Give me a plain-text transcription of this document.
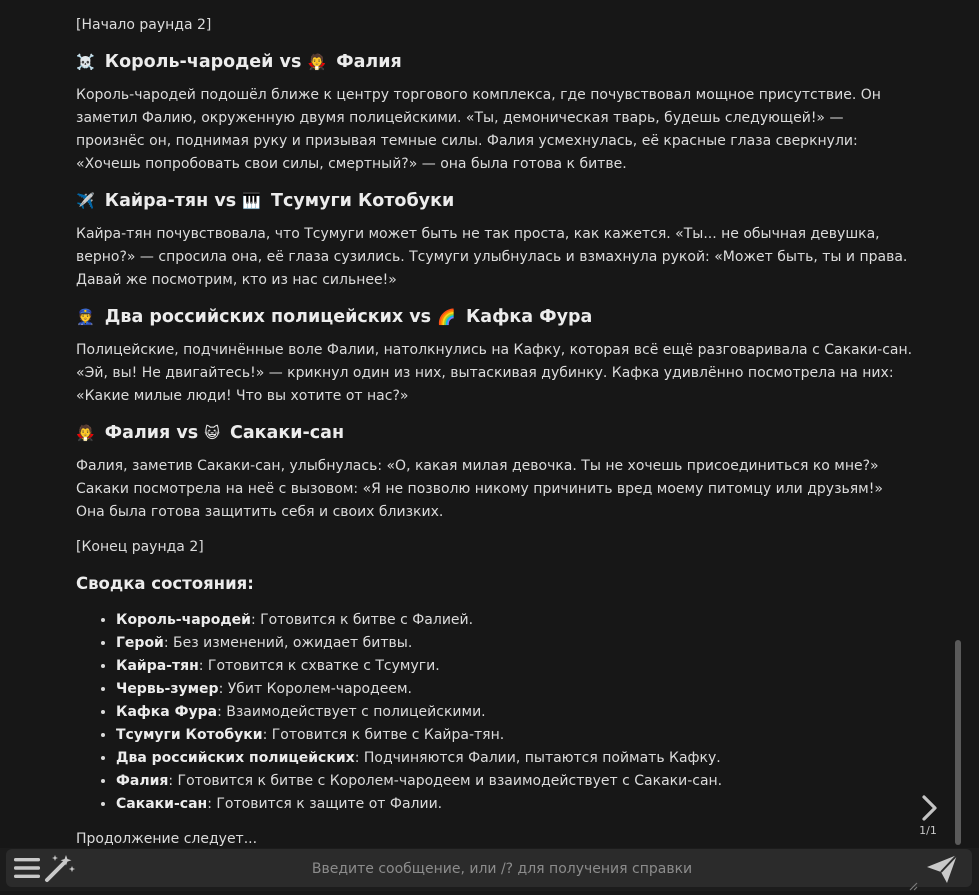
[Начало раунда 2]

☠️ Король-чародей vs 🧛 Фалия

Король-чародей подошёл ближе к центру торгового комплекса, где почувствовал мощное присутствие. Он заметил Фалию, окруженную двумя полицейскими. «Ты, демоническая тварь, будешь следующей!» — произнёс он, поднимая руку и призывая темные силы. Фалия усмехнулась, её красные глаза сверкнули: «Хочешь попробовать свои силы, смертный?» — она была готова к битве.

✈️ Кайра-тян vs 🎹 Тсумуги Котобуки

Кайра-тян почувствовала, что Тсумуги может быть не так проста, как кажется. «Ты... не обычная девушка, верно?» — спросила она, её глаза сузились. Тсумуги улыбнулась и взмахнула рукой: «Может быть, ты и права. Давай же посмотрим, кто из нас сильнее!»

👮 Два российских полицейских vs 🌈 Кафка Фура

Полицейские, подчинённые воле Фалии, натолкнулись на Кафку, которая всё ещё разговаривала с Сакаки-сан. «Эй, вы! Не двигайтесь!» — крикнул один из них, вытаскивая дубинку. Кафка удивлённо посмотрела на них: «Какие милые люди! Что вы хотите от нас?»

🧛 Фалия vs 😺 Сакаки-сан

Фалия, заметив Сакаки-сан, улыбнулась: «О, какая милая девочка. Ты не хочешь присоединиться ко мне?» Сакаки посмотрела на неё с вызовом: «Я не позволю никому причинить вред моему питомцу или друзьям!» Она была готова защитить себя и своих близких.

[Конец раунда 2]

Сводка состояния:
• Король-чародей: Готовится к битве с Фалией.
• Герой: Без изменений, ожидает битвы.
• Кайра-тян: Готовится к схватке с Тсумуги.
• Червь-зумер: Убит Королем-чародеем.
• Кафка Фура: Взаимодействует с полицейскими.
• Тсумуги Котобуки: Готовится к битве с Кайра-тян.
• Два российских полицейских: Подчиняются Фалии, пытаются поймать Кафку.
• Фалия: Готовится к битве с Королем-чародеем и взаимодействует с Сакаки-сан.
• Сакаки-сан: Готовится к защите от Фалии.

Продолжение следует...

1/1
Введите сообщение, или /? для получения справки
